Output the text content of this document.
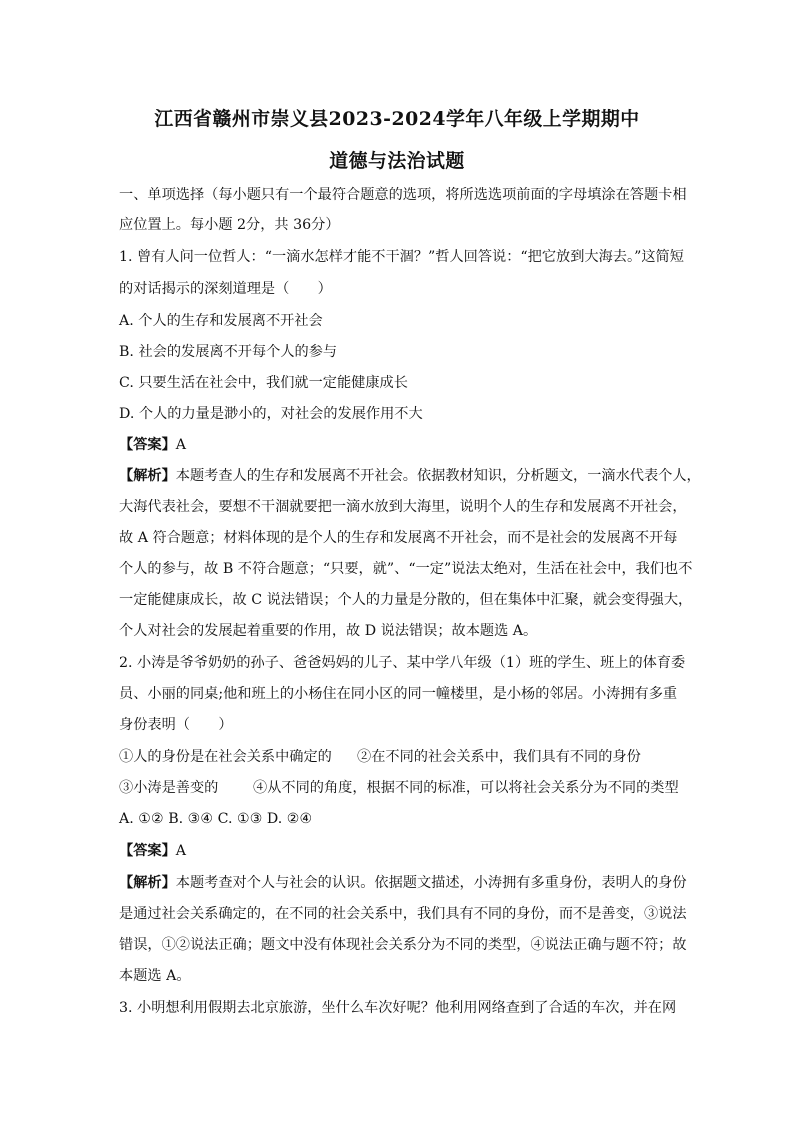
江西省赣州市崇义县2023-2024学年八年级上学期期中
道德与法治试题
一、单项选择（每小题只有一个最符合题意的选项，将所选选项前面的字母填涂在答题卡相
应位置上。每小题 2分，共 36分）
1. 曾有人问一位哲人：“一滴水怎样才能不干涸？”哲人回答说：“把它放到大海去。”这简短
的对话揭示的深刻道理是（　　）
A. 个人的生存和发展离不开社会
B. 社会的发展离不开每个人的参与
C. 只要生活在社会中，我们就一定能健康成长
D. 个人的力量是渺小的，对社会的发展作用不大
【答案】A
【解析】本题考查人的生存和发展离不开社会。依据教材知识，分析题文，一滴水代表个人，
大海代表社会，要想不干涸就要把一滴水放到大海里，说明个人的生存和发展离不开社会，
故 A 符合题意；材料体现的是个人的生存和发展离不开社会，而不是社会的发展离不开每
个人的参与，故 B 不符合题意；“只要，就”、“一定”说法太绝对，生活在社会中，我们也不
一定能健康成长，故 C 说法错误；个人的力量是分散的，但在集体中汇聚，就会变得强大，
个人对社会的发展起着重要的作用，故 D 说法错误；故本题选 A。
2. 小涛是爷爷奶奶的孙子、爸爸妈妈的儿子、某中学八年级（1）班的学生、班上的体育委
员、小丽的同桌;他和班上的小杨住在同小区的同一幢楼里，是小杨的邻居。小涛拥有多重
身份表明（　　）
①人的身份是在社会关系中确定的 ②在不同的社会关系中，我们具有不同的身份
③小涛是善变的 ④从不同的角度，根据不同的标准，可以将社会关系分为不同的类型
A. ①② B. ③④ C. ①③ D. ②④
【答案】A
【解析】本题考查对个人与社会的认识。依据题文描述，小涛拥有多重身份，表明人的身份
是通过社会关系确定的，在不同的社会关系中，我们具有不同的身份，而不是善变，③说法
错误，①②说法正确；题文中没有体现社会关系分为不同的类型，④说法正确与题不符；故
本题选 A。
3. 小明想利用假期去北京旅游，坐什么车次好呢？他利用网络查到了合适的车次，并在网
